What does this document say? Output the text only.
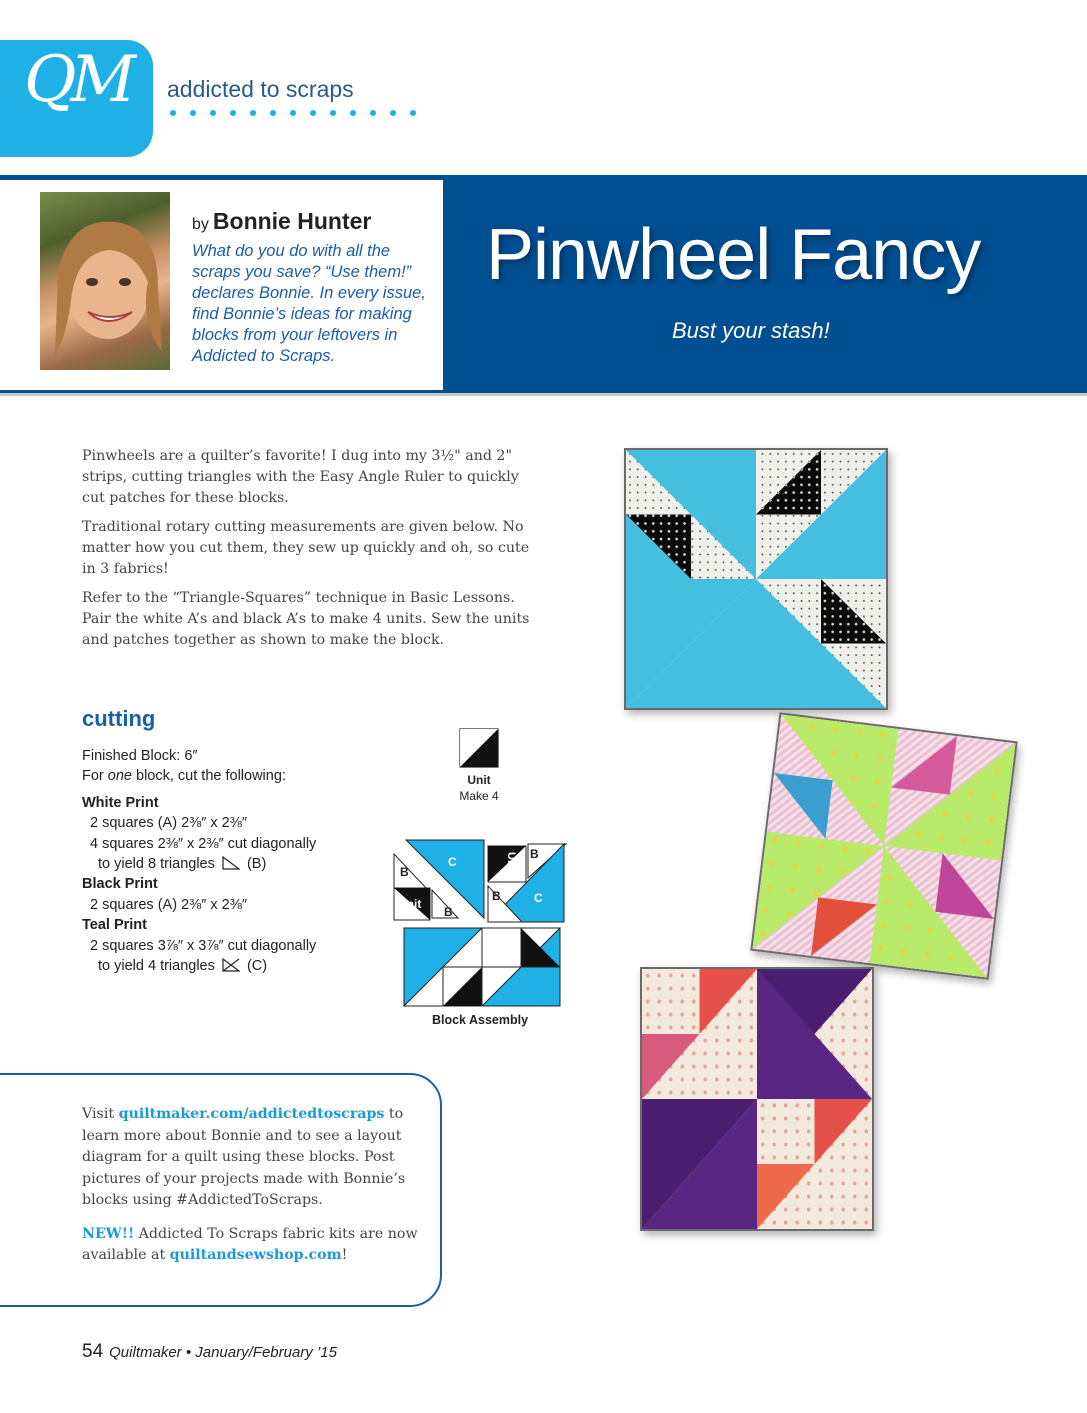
QM addicted to scraps
by Bonnie Hunter
What do you do with all the scraps you save? “Use them!” declares Bonnie. In every issue, find Bonnie’s ideas for making blocks from your leftovers in Addicted to Scraps.
Pinwheel Fancy
Bust your stash!

Pinwheels are a quilter’s favorite! I dug into my 3½" and 2" strips, cutting triangles with the Easy Angle Ruler to quickly cut patches for these blocks.

Traditional rotary cutting measurements are given below. No matter how you cut them, they sew up quickly and oh, so cute in 3 fabrics!

Refer to the “Triangle-Squares” technique in Basic Lessons. Pair the white A’s and black A’s to make 4 units. Sew the units and patches together as shown to make the block.

cutting
Finished Block: 6″
For one block, cut the following:
White Print
2 squares (A) 2⅜″ x 2⅜″
4 squares 2⅜″ x 2⅜″ cut diagonally
to yield 8 triangles (B)
Black Print
2 squares (A) 2⅜″ x 2⅜″
Teal Print
2 squares 3⅞″ x 3⅞″ cut diagonally
to yield 4 triangles (C)
Unit
Make 4
B
C
B
Unit
B
B	C
Unit
Block Assembly

Visit quiltmaker.com/addictedtoscraps to learn more about Bonnie and to see a layout diagram for a quilt using these blocks. Post pictures of your projects made with Bonnie’s blocks using #AddictedToScraps.

NEW!! Addicted To Scraps fabric kits are now available at quiltandsewshop.com!

54 Quiltmaker • January/February ’15
